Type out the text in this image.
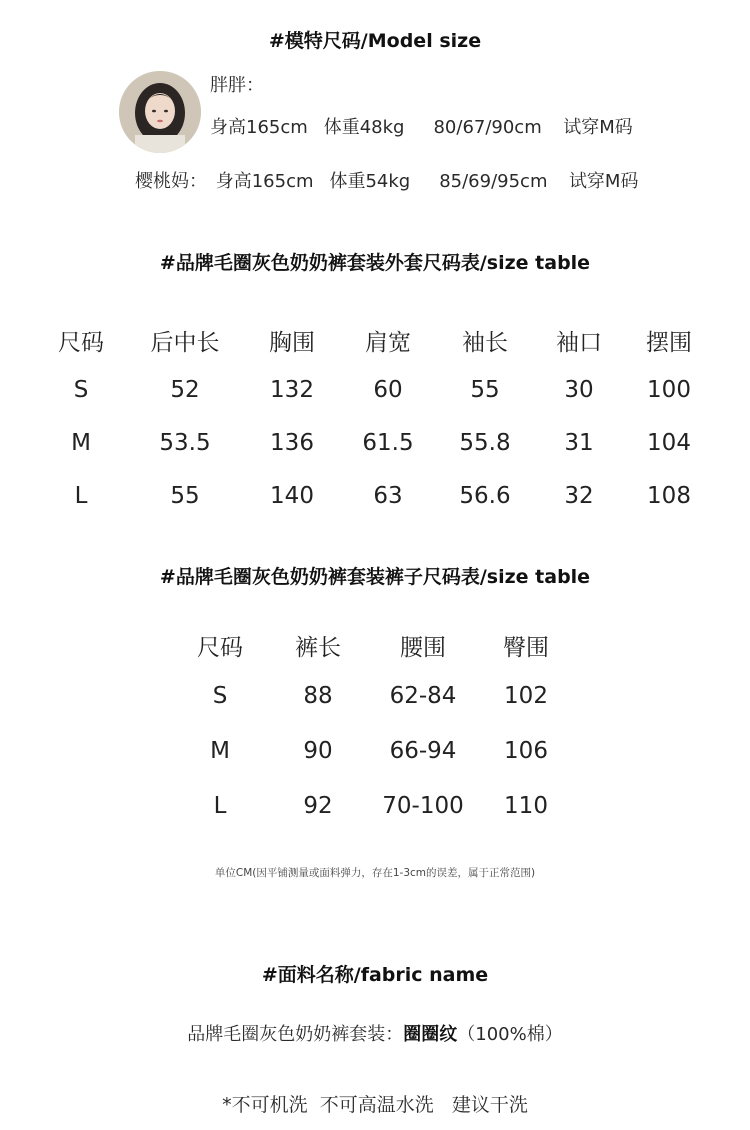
#模特尺码/Model size
胖胖：
身高165cm 体重48kg 80/67/90cm 试穿M码
樱桃妈： 身高165cm 体重54kg 85/69/95cm 试穿M码
#品牌毛圈灰色奶奶裤套装外套尺码表/size table
尺码	后中长	胸围	肩宽	袖长	袖口	摆围
S	52	132	60	55	30	100
M	53.5	136	61.5	55.8	31	104
L	55	140	63	56.6	32	108
#品牌毛圈灰色奶奶裤套装裤子尺码表/size table
尺码	裤长	腰围	臀围
S	88	62-84	102
M	90	66-94	106
L	92	70-100	110
单位CM(因平铺测量或面料弹力，存在1-3cm的误差，属于正常范围)
#面料名称/fabric name
品牌毛圈灰色奶奶裤套装：圈圈纹（100%棉）
*不可机洗  不可高温水洗   建议干洗
